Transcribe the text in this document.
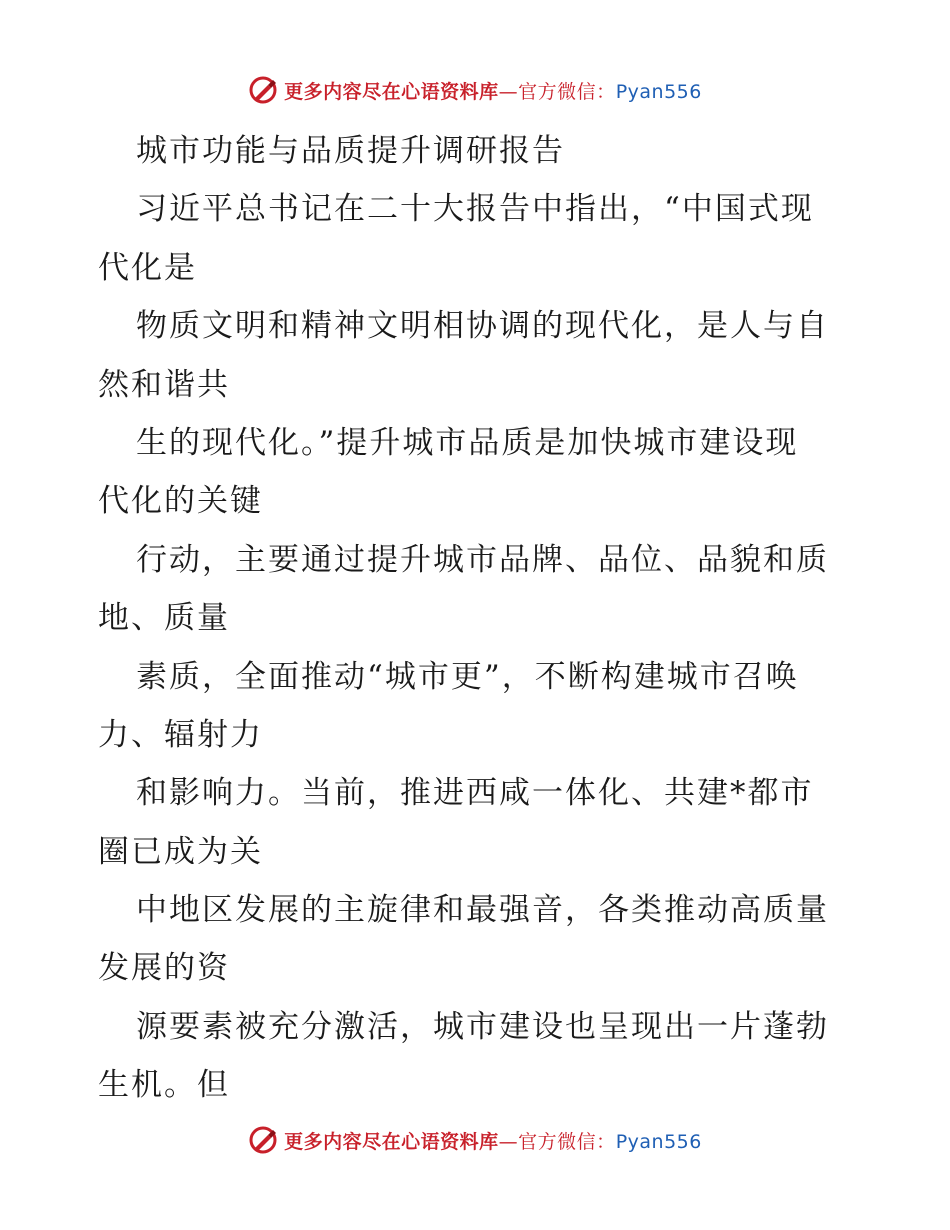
更多内容尽在心语资料库—官方微信：Pyan556
城市功能与品质提升调研报告
习近平总书记在二十大报告中指出，“中国式现
代化是
物质文明和精神文明相协调的现代化，是人与自
然和谐共
生的现代化。”提升城市品质是加快城市建设现
代化的关键
行动，主要通过提升城市品牌、品位、品貌和质
地、质量
素质，全面推动“城市更”，不断构建城市召唤
力、辐射力
和影响力。当前，推进西咸一体化、共建*都市
圈已成为关
中地区发展的主旋律和最强音，各类推动高质量
发展的资
源要素被充分激活，城市建设也呈现出一片蓬勃
生机。但
更多内容尽在心语资料库—官方微信：Pyan556
